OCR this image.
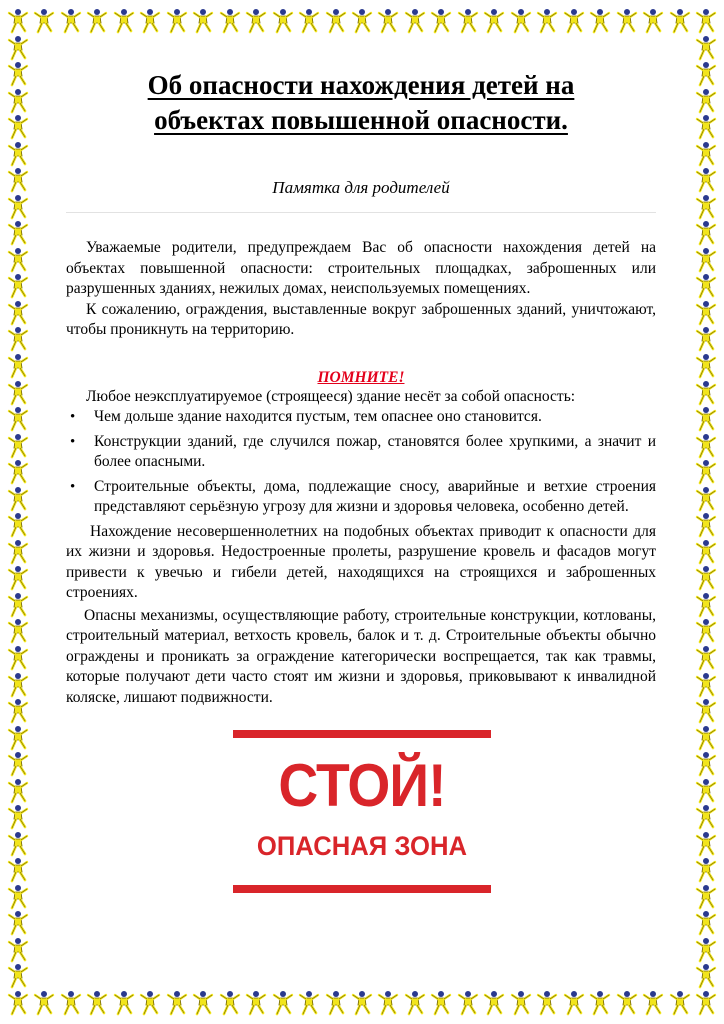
Об опасности нахождения детей на
объектах повышенной опасности.
Памятка для родителей

Уважаемые родители, предупреждаем Вас об опасности нахождения детей на объектах повышенной опасности: строительных площадках, заброшенных или разрушенных зданиях, нежилых домах, неиспользуемых помещениях.

К сожалению, ограждения, выставленные вокруг заброшенных зданий, уничтожают, чтобы проникнуть на территорию.

ПОМНИТЕ!

Любое неэксплуатируемое (строящееся) здание несёт за собой опасность:

• Чем дольше здание находится пустым, тем опаснее оно становится.
• Конструкции зданий, где случился пожар, становятся более хрупкими, а значит и более опасными.
• Строительные объекты, дома, подлежащие сносу, аварийные и ветхие строения представляют серьёзную угрозу для жизни и здоровья человека, особенно детей.

Нахождение несовершеннолетних на подобных объектах приводит к опасности для их жизни и здоровья. Недостроенные пролеты, разрушение кровель и фасадов могут привести к увечью и гибели детей, находящихся на строящихся и заброшенных строениях.

Опасны механизмы, осуществляющие работу, строительные конструкции, котлованы, строительный материал, ветхость кровель, балок и т. д. Строительные объекты обычно ограждены и проникать за ограждение категорически воспрещается, так как травмы, которые получают дети часто стоят им жизни и здоровья, приковывают к инвалидной коляске, лишают подвижности.

СТОЙ!
ОПАСНАЯ ЗОНА
